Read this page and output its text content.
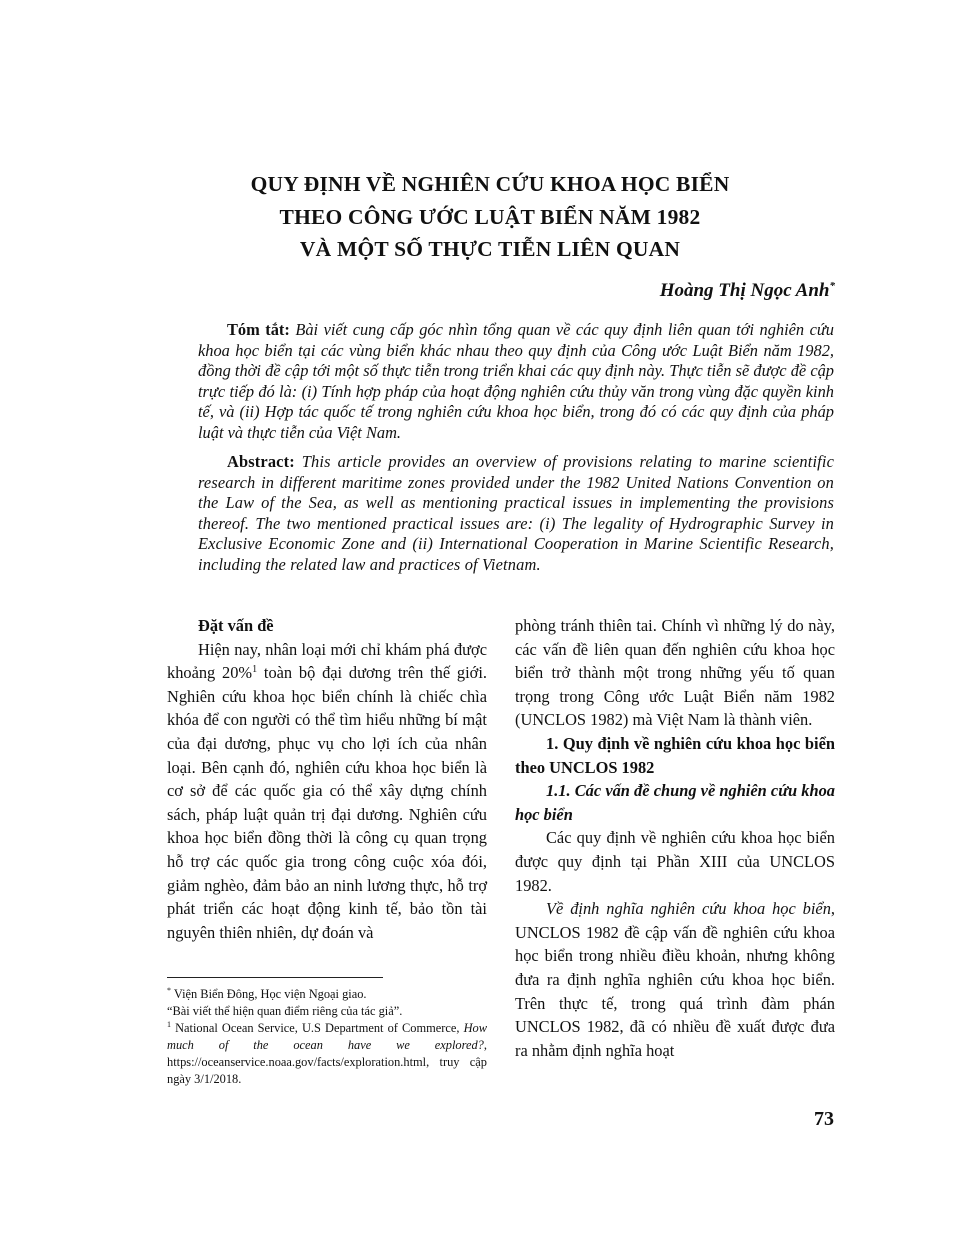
QUY ĐỊNH VỀ NGHIÊN CỨU KHOA HỌC BIỂN
THEO CÔNG ƯỚC LUẬT BIỂN NĂM 1982
VÀ MỘT SỐ THỰC TIỄN LIÊN QUAN
Hoàng Thị Ngọc Anh*
Tóm tắt: Bài viết cung cấp góc nhìn tổng quan về các quy định liên quan tới nghiên cứu khoa học biển tại các vùng biển khác nhau theo quy định của Công ước Luật Biển năm 1982, đồng thời đề cập tới một số thực tiễn trong triển khai các quy định này. Thực tiễn sẽ được đề cập trực tiếp đó là: (i) Tính hợp pháp của hoạt động nghiên cứu thủy văn trong vùng đặc quyền kinh tế, và (ii) Hợp tác quốc tế trong nghiên cứu khoa học biển, trong đó có các quy định của pháp luật và thực tiễn của Việt Nam.
Abstract: This article provides an overview of provisions relating to marine scientific research in different maritime zones provided under the 1982 United Nations Convention on the Law of the Sea, as well as mentioning practical issues in implementing the provisions thereof. The two mentioned practical issues are: (i) The legality of Hydrographic Survey in Exclusive Economic Zone and (ii) International Cooperation in Marine Scientific Research, including the related law and practices of Vietnam.

Đặt vấn đề

Hiện nay, nhân loại mới chỉ khám phá được khoảng 20%$^1$ toàn bộ đại dương trên thế giới. Nghiên cứu khoa học biển chính là chiếc chìa khóa để con người có thể tìm hiểu những bí mật của đại dương, phục vụ cho lợi ích của nhân loại. Bên cạnh đó, nghiên cứu khoa học biển là cơ sở để các quốc gia có thể xây dựng chính sách, pháp luật quản trị đại dương. Nghiên cứu khoa học biển đồng thời là công cụ quan trọng hỗ trợ các quốc gia trong công cuộc xóa đói, giảm nghèo, đảm bảo an ninh lương thực, hỗ trợ phát triển các hoạt động kinh tế, bảo tồn tài nguyên thiên nhiên, dự đoán và

phòng tránh thiên tai. Chính vì những lý do này, các vấn đề liên quan đến nghiên cứu khoa học biển trở thành một trong những yếu tố quan trọng trong Công ước Luật Biển năm 1982 (UNCLOS 1982) mà Việt Nam là thành viên.

1. Quy định về nghiên cứu khoa học biển theo UNCLOS 1982

1.1. Các vấn đề chung về nghiên cứu khoa học biển

Các quy định về nghiên cứu khoa học biển được quy định tại Phần XIII của UNCLOS 1982.

Về định nghĩa nghiên cứu khoa học biển, UNCLOS 1982 đề cập vấn đề nghiên cứu khoa học biển trong nhiều điều khoản, nhưng không đưa ra định nghĩa nghiên cứu khoa học biển. Trên thực tế, trong quá trình đàm phán UNCLOS 1982, đã có nhiều đề xuất được đưa ra nhằm định nghĩa hoạt

* Viện Biển Đông, Học viện Ngoại giao.

“Bài viết thể hiện quan điểm riêng của tác giả”.

$^1$ National Ocean Service, U.S Department of Commerce, How much of the ocean have we explored?, https://oceanservice.noaa.gov/facts/exploration.html, truy cập ngày 3/1/2018.

73
